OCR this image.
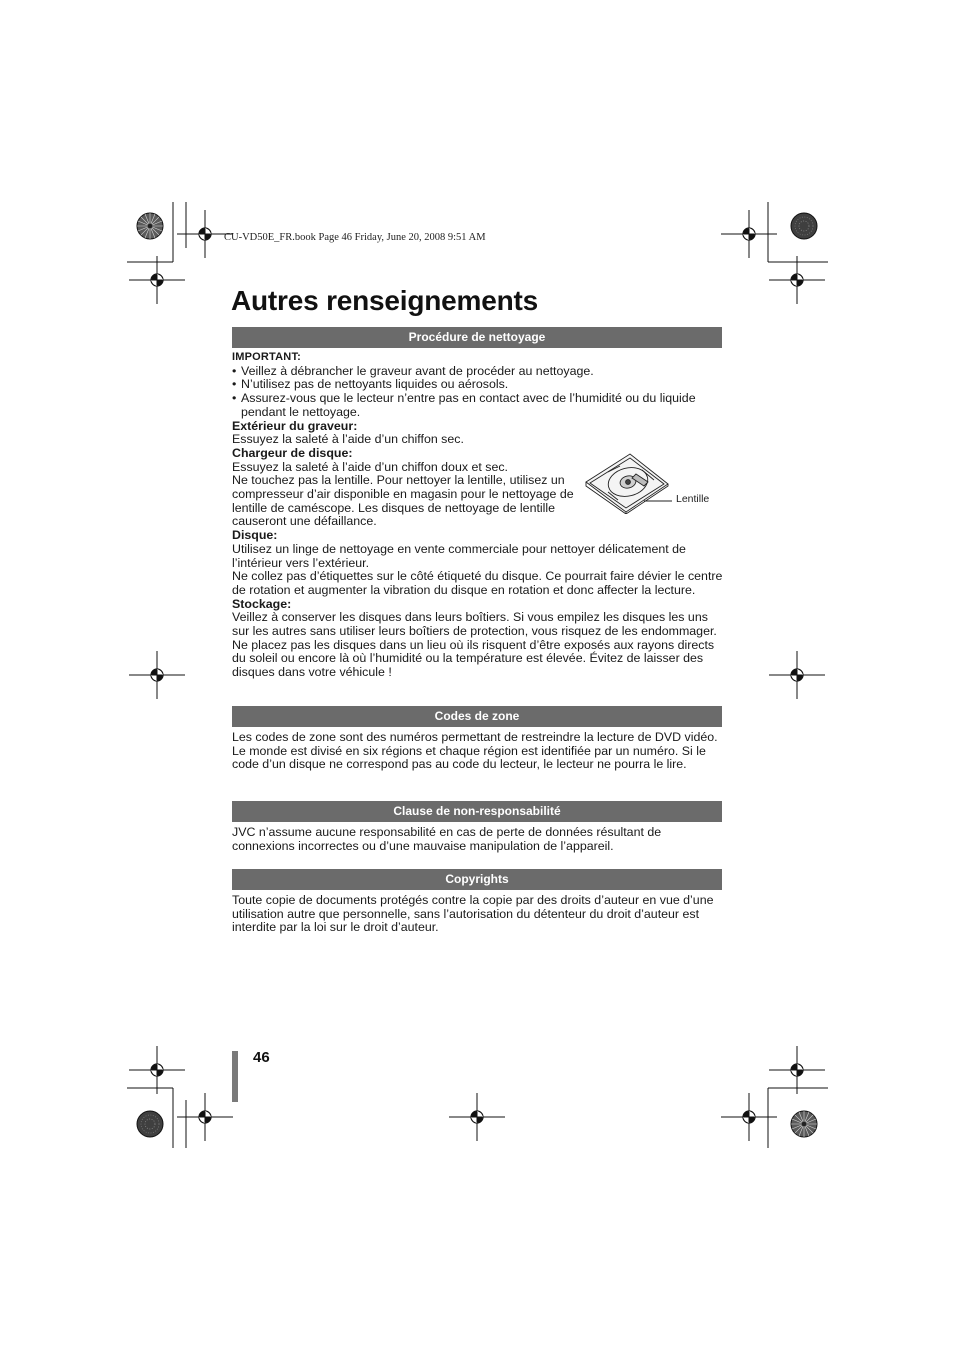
CU-VD50E_FR.book Page 46 Friday, June 20, 2008 9:51 AM
Autres renseignements
Procédure de nettoyage
IMPORTANT:
• Veillez à débrancher le graveur avant de procéder au nettoyage.
• N’utilisez pas de nettoyants liquides ou aérosols.
• Assurez-vous que le lecteur n’entre pas en contact avec de l’humidité ou du liquide pendant le nettoyage.
Extérieur du graveur:

Essuyez la saleté à l’aide d’un chiffon sec.

Chargeur de disque:

Essuyez la saleté à l’aide d’un chiffon doux et sec.

Ne touchez pas la lentille. Pour nettoyer la lentille, utilisez un compresseur d’air disponible en magasin pour le nettoyage de lentille de caméscope. Les disques de nettoyage de lentille causeront une défaillance.

Disque:

Utilisez un linge de nettoyage en vente commerciale pour nettoyer délicatement de l’intérieur vers l’extérieur.

Ne collez pas d’étiquettes sur le côté étiqueté du disque. Ce pourrait faire dévier le centre de rotation et augmenter la vibration du disque en rotation et donc affecter la lecture.

Stockage:

Veillez à conserver les disques dans leurs boîtiers. Si vous empilez les disques les uns sur les autres sans utiliser leurs boîtiers de protection, vous risquez de les endommager. Ne placez pas les disques dans un lieu où ils risquent d’être exposés aux rayons directs du soleil ou encore là où l’humidité ou la température est élevée. Évitez de laisser des disques dans votre véhicule !

Lentille
Codes de zone

Les codes de zone sont des numéros permettant de restreindre la lecture de DVD vidéo. Le monde est divisé en six régions et chaque région est identifiée par un numéro. Si le code d’un disque ne correspond pas au code du lecteur, le lecteur ne pourra le lire.

Clause de non-responsabilité

JVC n’assume aucune responsabilité en cas de perte de données résultant de connexions incorrectes ou d’une mauvaise manipulation de l’appareil.

Copyrights

Toute copie de documents protégés contre la copie par des droits d’auteur en vue d’une utilisation autre que personnelle, sans l’autorisation du détenteur du droit d’auteur est interdite par la loi sur le droit d’auteur.

46
